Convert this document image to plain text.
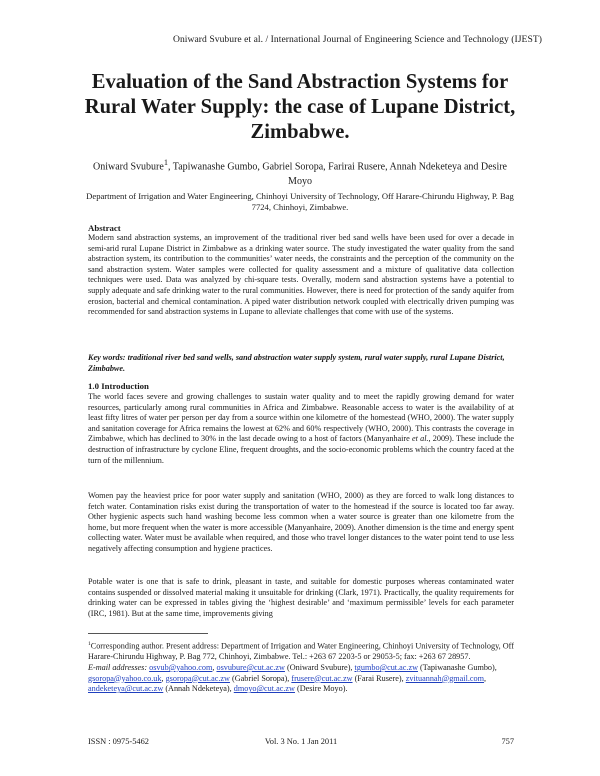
Oniward Svubure et al. / International Journal of Engineering Science and Technology (IJEST)
Evaluation of the Sand Abstraction Systems for Rural Water Supply: the case of Lupane District, Zimbabwe.
Oniward Svubure$^1$, Tapiwanashe Gumbo, Gabriel Soropa, Farirai Rusere, Annah Ndeketeya and Desire Moyo
Department of Irrigation and Water Engineering, Chinhoyi University of Technology, Off Harare-Chirundu Highway, P. Bag 7724, Chinhoyi, Zimbabwe.
Abstract
Modern sand abstraction systems, an improvement of the traditional river bed sand wells have been used for over a decade in semi-arid rural Lupane District in Zimbabwe as a drinking water source. The study investigated the water quality from the sand abstraction system, its contribution to the communities’ water needs, the constraints and the perception of the community on the sand abstraction system. Water samples were collected for quality assessment and a mixture of qualitative data collection techniques were used. Data was analyzed by chi-square tests. Overally, modern sand abstraction systems have a potential to supply adequate and safe drinking water to the rural communities. However, there is need for protection of the sandy aquifer from erosion, bacterial and chemical contamination. A piped water distribution network coupled with electrically driven pumping was recommended for sand abstraction systems in Lupane to alleviate challenges that come with use of the systems.
Key words: traditional river bed sand wells, sand abstraction water supply system, rural water supply, rural Lupane District, Zimbabwe.
1.0 Introduction
The world faces severe and growing challenges to sustain water quality and to meet the rapidly growing demand for water resources, particularly among rural communities in Africa and Zimbabwe. Reasonable access to water is the availability of at least fifty litres of water per person per day from a source within one kilometre of the homestead (WHO, 2000). The water supply and sanitation coverage for Africa remains the lowest at 62% and 60% respectively (WHO, 2000). This contrasts the coverage in Zimbabwe, which has declined to 30% in the last decade owing to a host of factors (Manyanhaire et al., 2009). These include the destruction of infrastructure by cyclone Eline, frequent droughts, and the socio-economic problems which the country faced at the turn of the millennium.
Women pay the heaviest price for poor water supply and sanitation (WHO, 2000) as they are forced to walk long distances to fetch water. Contamination risks exist during the transportation of water to the homestead if the source is located too far away. Other hygienic aspects such hand washing become less common when a water source is greater than one kilometre from the home, but more frequent when the water is more accessible (Manyanhaire, 2009). Another dimension is the time and energy spent collecting water. Water must be available when required, and those who travel longer distances to the water point tend to use less negatively affecting consumption and hygiene practices.
Potable water is one that is safe to drink, pleasant in taste, and suitable for domestic purposes whereas contaminated water contains suspended or dissolved material making it unsuitable for drinking (Clark, 1971). Practically, the quality requirements for drinking water can be expressed in tables giving the ‘highest desirable’ and ‘maximum permissible’ levels for each parameter (IRC, 1981). But at the same time, improvements giving
$^1$Corresponding author. Present address: Department of Irrigation and Water Engineering, Chinhoyi University of Technology, Off Harare-Chirundu Highway, P. Bag 772, Chinhoyi, Zimbabwe. Tel.: +263 67 2203-5 or 29053-5; fax: +263 67 28957.
E-mail addresses: osvub@yahoo.com, osvubure@cut.ac.zw (Oniward Svubure), tgumbo@cut.ac.zw (Tapiwanashe Gumbo), gsoropa@yahoo.co.uk, gsoropa@cut.ac.zw (Gabriel Soropa), frusere@cut.ac.zw (Farai Rusere), zvituannah@gmail.com, andeketeya@cut.ac.zw (Annah Ndeketeya), dmoyo@cut.ac.zw (Desire Moyo).
ISSN : 0975-5462	Vol. 3 No. 1 Jan 2011	757
